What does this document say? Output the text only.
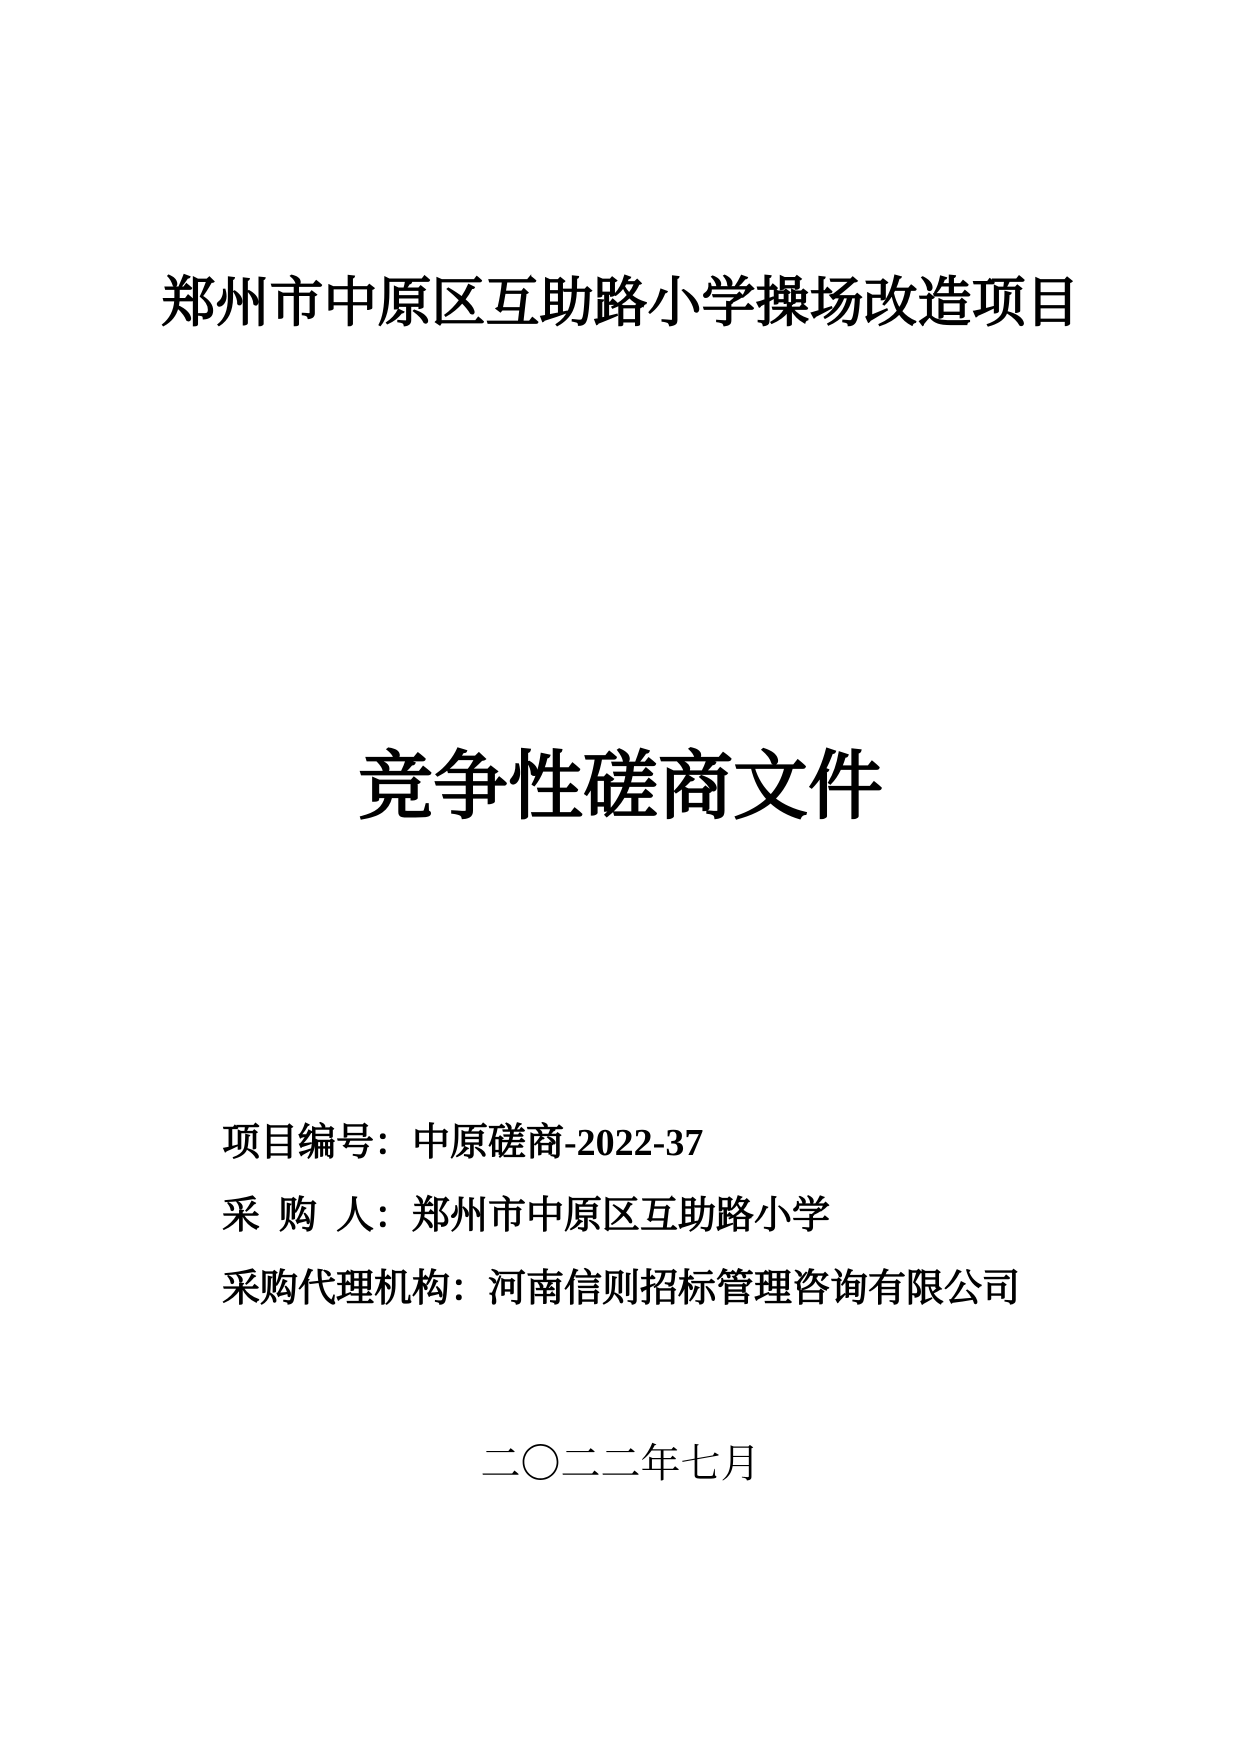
郑州市中原区互助路小学操场改造项目
竞争性磋商文件

项目编号：中原磋商-2022-37

采 购 人：郑州市中原区互助路小学

采购代理机构：河南信则招标管理咨询有限公司

二〇二二年七月
